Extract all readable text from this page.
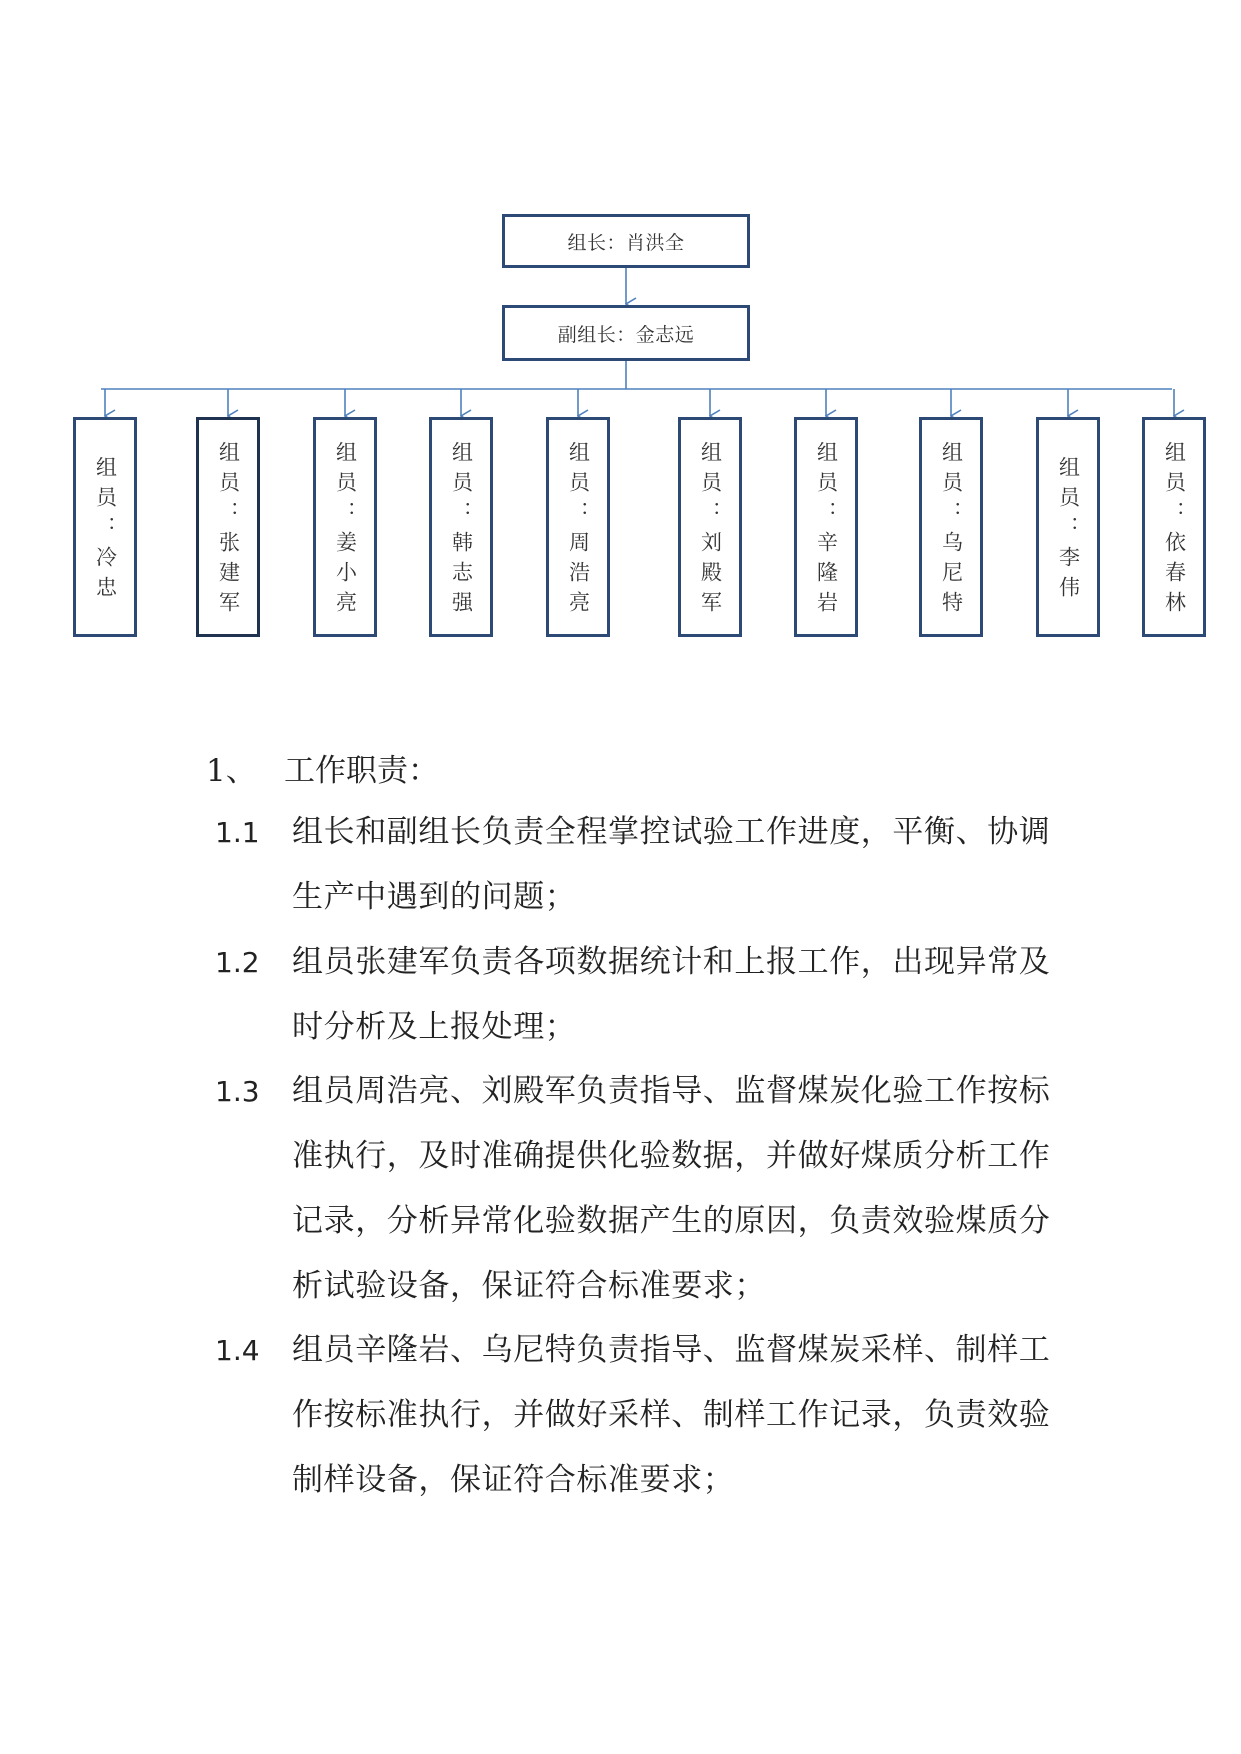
组长：肖洪全
副组长：金志远
组员：冷忠	组员：张建军	组员：姜小亮	组员：韩志强	组员：周浩亮	组员：刘殿军	组员：辛隆岩	组员：乌尼特	组员：李伟	组员：依春林
1、 工作职责：
1.1 组长和副组长负责全程掌控试验工作进度，平衡、协调生产中遇到的问题；
1.2 组员张建军负责各项数据统计和上报工作，出现异常及时分析及上报处理；
1.3 组员周浩亮、刘殿军负责指导、监督煤炭化验工作按标准执行，及时准确提供化验数据，并做好煤质分析工作记录，分析异常化验数据产生的原因，负责效验煤质分析试验设备，保证符合标准要求；
1.4 组员辛隆岩、乌尼特负责指导、监督煤炭采样、制样工作按标准执行，并做好采样、制样工作记录，负责效验制样设备，保证符合标准要求；
